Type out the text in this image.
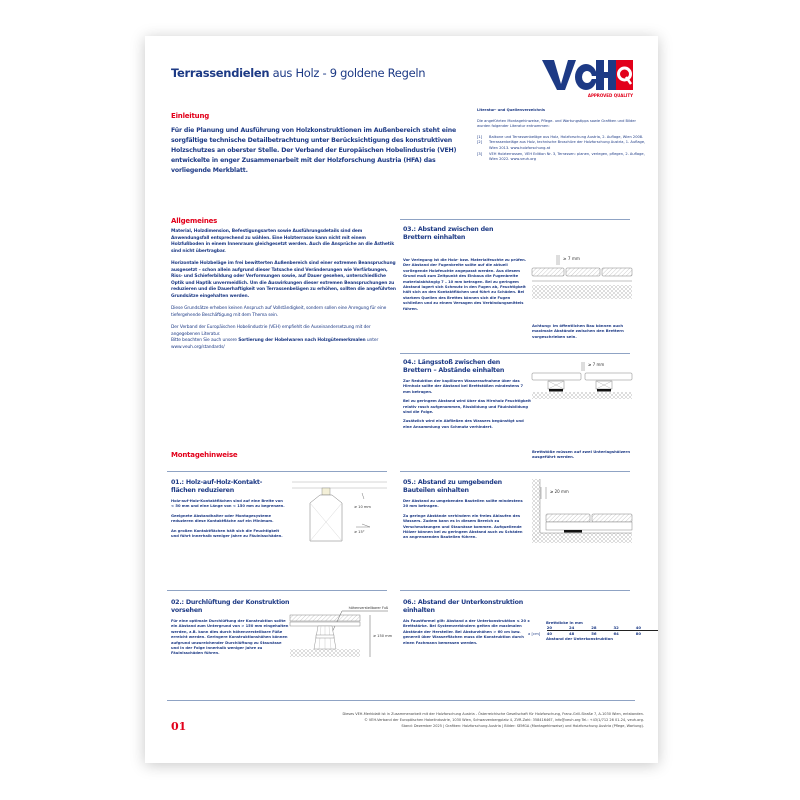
Terrassendielen aus Holz - 9 goldene Regeln
APPROVED QUALITY
Einleitung
Für die Planung und Ausführung von Holzkonstruktionen im Außenbereich steht eine sorgfältige technische Detailbetrachtung unter Berücksichtigung des konstruktiven Holzschutzes an oberster Stelle. Der Verband der Europäischen Hobelindustrie (VEH) entwickelte in enger Zusammenarbeit mit der Holzforschung Austria (HFA) das vorliegende Merkblatt.
Literatur- und Quellenverzeichnis
Die angeführten Montagehinweise, Pflege- und Wartungstipps sowie Grafiken und Bilder wurden folgender Literatur entnommen:
[1]	Balkone und Terrassenbeläge aus Holz, Holzforschung Austria, 2. Auflage, Wien 2008.
[2]	Terrassenbeläge aus Holz, technische Broschüre der Holzforschung Austria, 1. Auflage, Wien 2013. www.holzforschung.at
[3]	VEH Holzterrassen, VEH Edition Nr. 3, Terrassen: planen, verlegen, pflegen, 2. Auflage, Wien 2022. www.veuh.org
Allgemeines

Material, Holzdimension, Befestigungsarten sowie Ausführungsdetails sind dem Anwendungsfall entsprechend zu wählen. Eine Holzterrasse kann nicht mit einem Holzfußboden in einem Innenraum gleichgesetzt werden. Auch die Ansprüche an die Ästhetik sind nicht übertragbar.

Horizontale Holzbeläge im frei bewitterten Außenbereich sind einer extremen Beanspruchung ausgesetzt – schon allein aufgrund dieser Tatsache sind Veränderungen wie Verfärbungen, Riss- und Schieferbildung oder Verformungen sowie, auf Dauer gesehen, unterschiedliche Optik und Haptik unvermeidlich. Um die Auswirkungen dieser extremen Beanspruchungen zu reduzieren und die Dauerhaftigkeit von Terrassenbelägen zu erhöhen, sollten die angeführten Grundsätze eingehalten werden.

Diese Grundsätze erheben keinen Anspruch auf Vollständigkeit, sondern sollen eine Anregung für eine tiefergehende Beschäftigung mit dem Thema sein.

Der Verband der Europäischen Hobelindustrie (VEH) empfiehlt die Auseinandersetzung mit der angegebenen Literatur.
Bitte beachten Sie auch unsere Sortierung der Hobelwaren nach Holzgütemerkmalen unter www.veuh.org/standards/

Montagehinweise
03.: Abstand zwischen den Brettern einhalten

Vor Verlegung ist die Holz- bzw. Materialfeuchte zu prüfen. Der Abstand der Fugenbreite sollte auf die aktuell vorliegende Holzfeuchte angepasst werden. Aus diesem Grund muß zum Zeitpunkt des Einbaus die Fugenbreite materialabhängig 7 – 10 mm betragen. Bei zu geringem Abstand lagert sich Schmutz in den Fugen ab, Feuchtigkeit hält sich an den Kontaktflächen und führt zu Schäden. Bei starkem Quellen des Brettes können sich die Fugen schließen und zu einem Versagen des Verbindungsmittels führen.

≥ 7 mm
Achtung: Im öffentlichen Bau können auch maximale Abstände zwischen den Brettern vorgeschrieben sein.
04.: Längsstoß zwischen den Brettern – Abstände einhalten

Zur Reduktion der kapillaren Wasseraufnahme über das Hirnholz sollte der Abstand bei Brettstößen mindestens 7 mm betragen.

Bei zu geringem Abstand wird über das Hirnholz Feuchtigkeit relativ rasch aufgenommen, Rissbildung und Fäulnisbildung sind die Folge.

Zusätzlich wird ein Abfließen des Wassers begünstigt und eine Ansammlung von Schmutz verhindert.

≥ 7 mm
Brettstöße müssen auf zwei Unterlagshölzern ausgeführt werden.
01.: Holz-auf-Holz-Kontakt-flächen reduzieren

Holz-auf-Holz-Kontaktflächen sind auf eine Breite von < 50 mm und eine Länge von < 150 mm zu begrenzen.

Geeignete Abstandhalter oder Montagesysteme reduzieren diese Kontaktfläche auf ein Minimum.

An großen Kontaktflächen hält sich die Feuchtigkeit und führt innerhalb weniger Jahre zu Fäulnisschäden.

≥ 10 mm
≥ 15°
05.: Abstand zu umgebenden Bauteilen einhalten

Der Abstand zu umgebenden Bauteilen sollte mindestens 20 mm betragen.

Zu geringe Abstände verhindern ein freies Ablaufen des Wassers. Zudem kann es in diesem Bereich zu Verschmutzungen und Staunässe kommen. Aufquellende Hölzer können bei zu geringem Abstand auch zu Schäden an angrenzenden Bauteilen führen.

≥ 20 mm
02.: Durchlüftung der Konstruktion vorsehen

Für eine optimale Durchlüftung der Konstruktion sollte ein Abstand zum Untergrund von > 150 mm eingehalten werden, z.B. kann dies durch höhenverstellbare Füße erreicht werden. Geringere Konstruktionshöhen können aufgrund unzureichender Durchlüftung zu Staunässe und in der Folge innerhalb weniger Jahre zu Fäulnisschäden führen.

höhenverstellbarer Fuß
≥ 150 mm
06.: Abstand der Unterkonstruktion einhalten

Als Faustformel gilt: Abstand a der Unterkonstruktion ≤ 20 x Brettstärke. Bei Systemverbindern gelten die maximalen Abstände der Hersteller. Bei Absturzhöhen > 60 cm bzw. generell über Wasserflächen muss die Konstruktion durch einen Fachmann bemessen werden.

Brettdicke in mm
	20	24	28	32	40
a [cm]	40	48	56	64	80
Abstand der Unterkonstruktion
01
Dieses VEH-Merkblatt ist in Zusammenarbeit mit der Holzforschung Austria - Österreichische Gesellschaft für Holzforschung, Franz-Grill-Straße 7, A-1030 Wien, entstanden.
© VEH-Verband der Europäischen Hobelindustrie, 1030 Wien, Schwarzenbergplatz 4, ZVR-Zahl: 358416467, info@veuh.org Tel.: +43/1/712 26 01-24, veuh.org.
Stand: Dezember 2025 | Grafiken: Holzforschung Austria | Bilder: SEMGA (Montagehinweise) und Holzforschung Austria (Pflege, Wartung).
